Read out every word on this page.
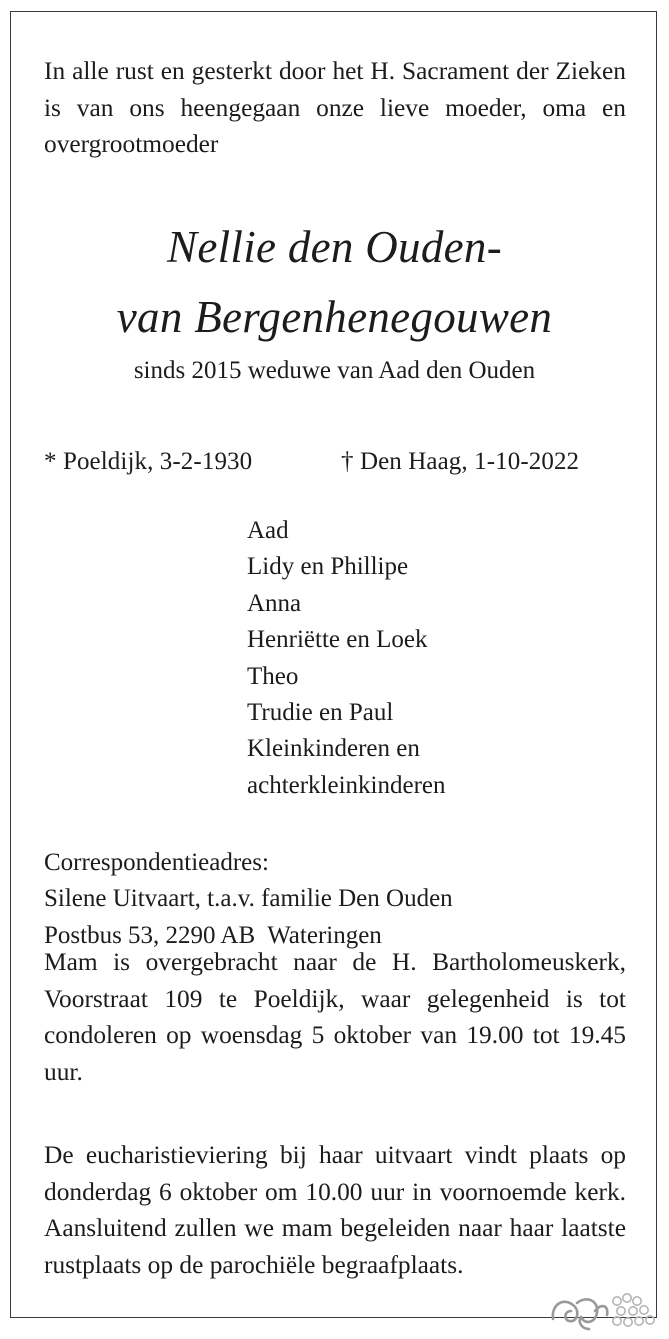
In alle rust en gesterkt door het H. Sacrament der Zieken is van ons heengegaan onze lieve moeder, oma en overgrootmoeder
Nellie den Ouden-
van Bergenhenegouwen
sinds 2015 weduwe van Aad den Ouden
* Poeldijk, 3-2-1930	† Den Haag, 1-10-2022
Aad
Lidy en Phillipe
Anna
Henriëtte en Loek
Theo
Trudie en Paul
Kleinkinderen en
achterkleinkinderen
Correspondentieadres:
Silene Uitvaart, t.a.v. familie Den Ouden
Postbus 53, 2290 AB  Wateringen
Mam is overgebracht naar de H. Bartholomeuskerk, Voorstraat 109 te Poeldijk, waar gelegenheid is tot condoleren op woensdag 5 oktober van 19.00 tot 19.45 uur.
De eucharistieviering bij haar uitvaart vindt plaats op donderdag 6 oktober om 10.00 uur in voornoemde kerk. Aansluitend zullen we mam begeleiden naar haar laatste rustplaats op de parochiële begraafplaats.
